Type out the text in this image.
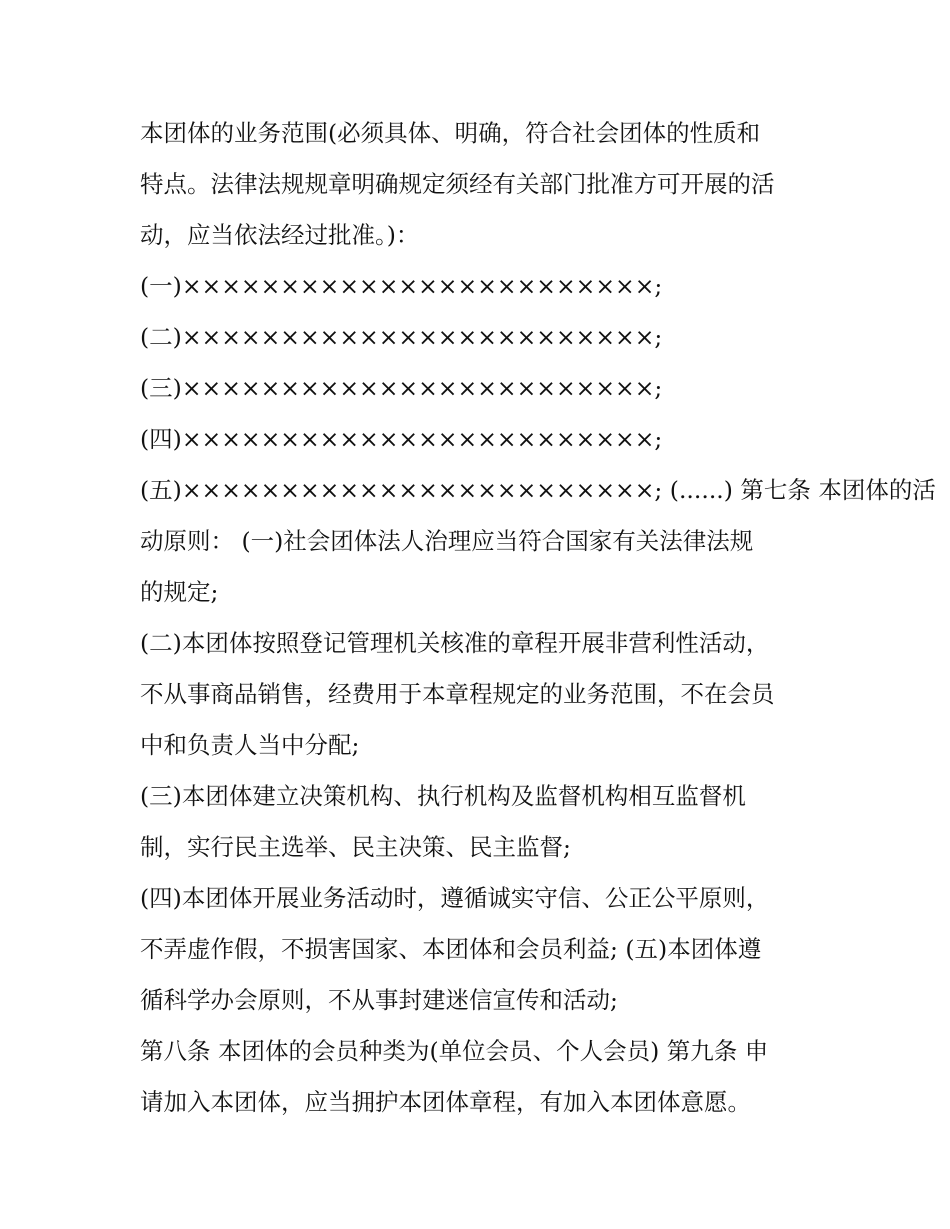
本团体的业务范围(必须具体、明确，符合社会团体的性质和
特点。法律法规规章明确规定须经有关部门批准方可开展的活
动，应当依法经过批准。)：
(一)××××××××××××××××××××××××;
(二)××××××××××××××××××××××××;
(三)××××××××××××××××××××××××;
(四)××××××××××××××××××××××××;
(五)××××××××××××××××××××××××; (......) 第七条 本团体的活
动原则： (一)社会团体法人治理应当符合国家有关法律法规
的规定;
(二)本团体按照登记管理机关核准的章程开展非营利性活动，
不从事商品销售，经费用于本章程规定的业务范围，不在会员
中和负责人当中分配;
(三)本团体建立决策机构、执行机构及监督机构相互监督机
制，实行民主选举、民主决策、民主监督;
(四)本团体开展业务活动时，遵循诚实守信、公正公平原则，
不弄虚作假，不损害国家、本团体和会员利益; (五)本团体遵
循科学办会原则，不从事封建迷信宣传和活动;
第八条 本团体的会员种类为(单位会员、个人会员) 第九条 申
请加入本团体，应当拥护本团体章程，有加入本团体意愿。
